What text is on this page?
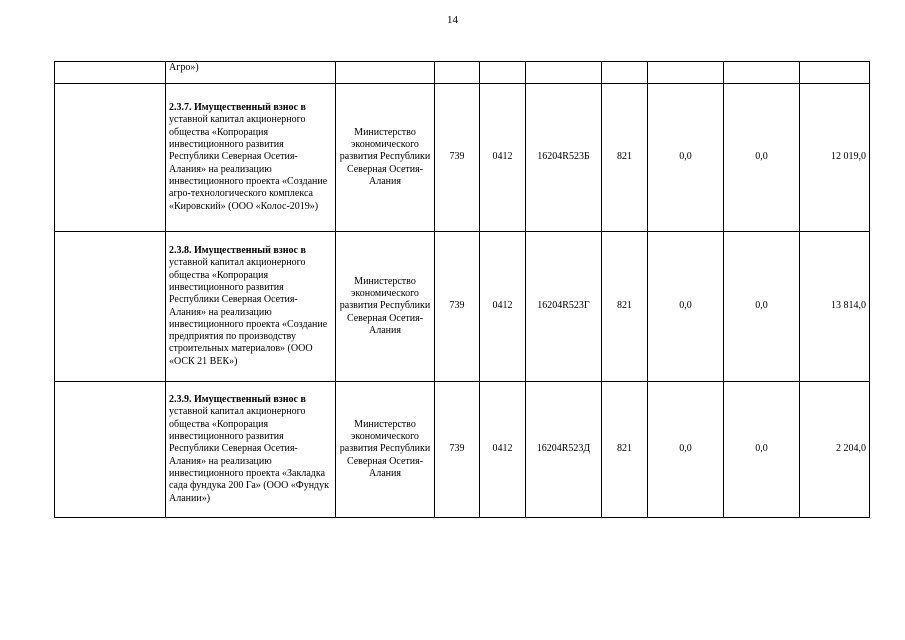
14
	Агро»)								
	2.3.7. Имущественный взнос в уставной капитал акционерного общества «Копрорация инвестиционного развития Республики Северная Осетия-Алания» на реализацию инвестиционного проекта «Создание агро-технологического комплекса «Кировский» (ООО «Колос-2019»)	Министерство экономического развития Республики Северная Осетия-Алания	739	0412	16204R523Б	821	0,0	0,0	12 019,0
	2.3.8. Имущественный взнос в уставной капитал акционерного общества «Копрорация инвестиционного развития Республики Северная Осетия-Алания» на реализацию инвестиционного проекта «Создание предприятия по производству строительных материалов» (ООО «ОСК 21 ВЕК»)	Министерство экономического развития Республики Северная Осетия-Алания	739	0412	16204R523Г	821	0,0	0,0	13 814,0
	2.3.9. Имущественный взнос в уставной капитал акционерного общества «Копрорация инвестиционного развития Республики Северная Осетия-Алания» на реализацию инвестиционного проекта «Закладка сада фундука 200 Га» (ООО «Фундук Алании»)	Министерство экономического развития Республики Северная Осетия-Алания	739	0412	16204R523Д	821	0,0	0,0	2 204,0
